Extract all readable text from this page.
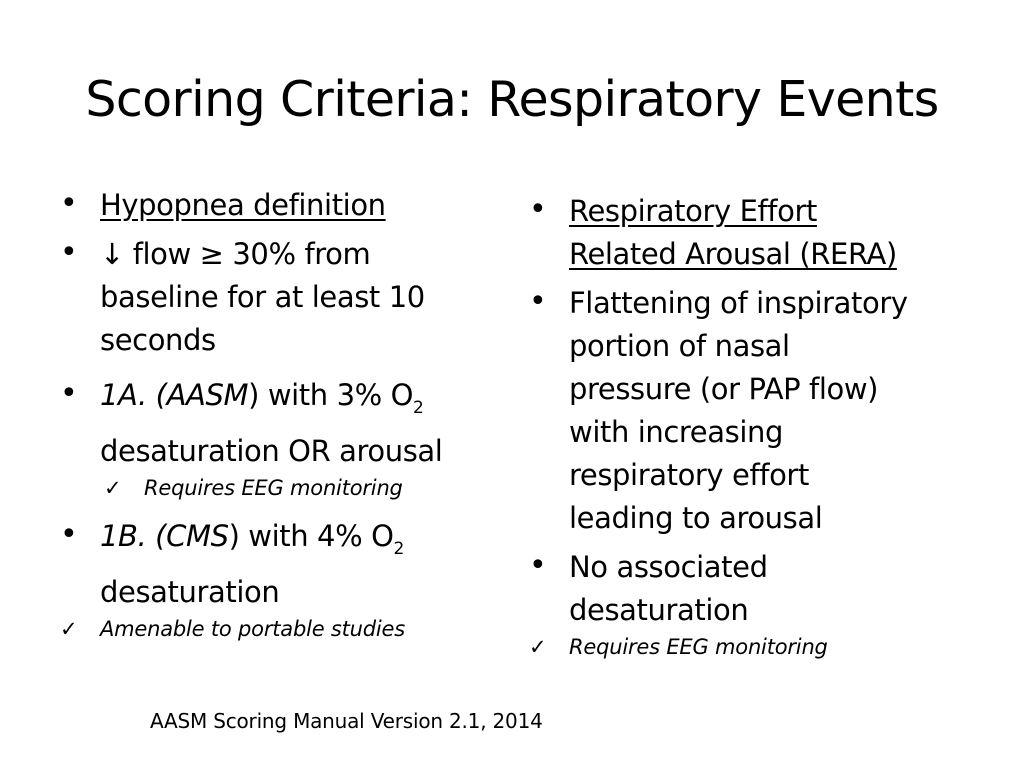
Scoring Criteria: Respiratory Events
• Hypopnea definition
• ↓ flow ≥ 30% from
baseline for at least 10
seconds
• 1A. (AASM) with 3% $O_2$
desaturation OR arousal
✓ Requires EEG monitoring
• 1B. (CMS) with 4% $O_2$
desaturation
✓ Amenable to portable studies
• Respiratory Effort
Related Arousal (RERA)
• Flattening of inspiratory
portion of nasal
pressure (or PAP flow)
with increasing
respiratory effort
leading to arousal
• No associated
desaturation
✓ Requires EEG monitoring
AASM Scoring Manual Version 2.1, 2014
